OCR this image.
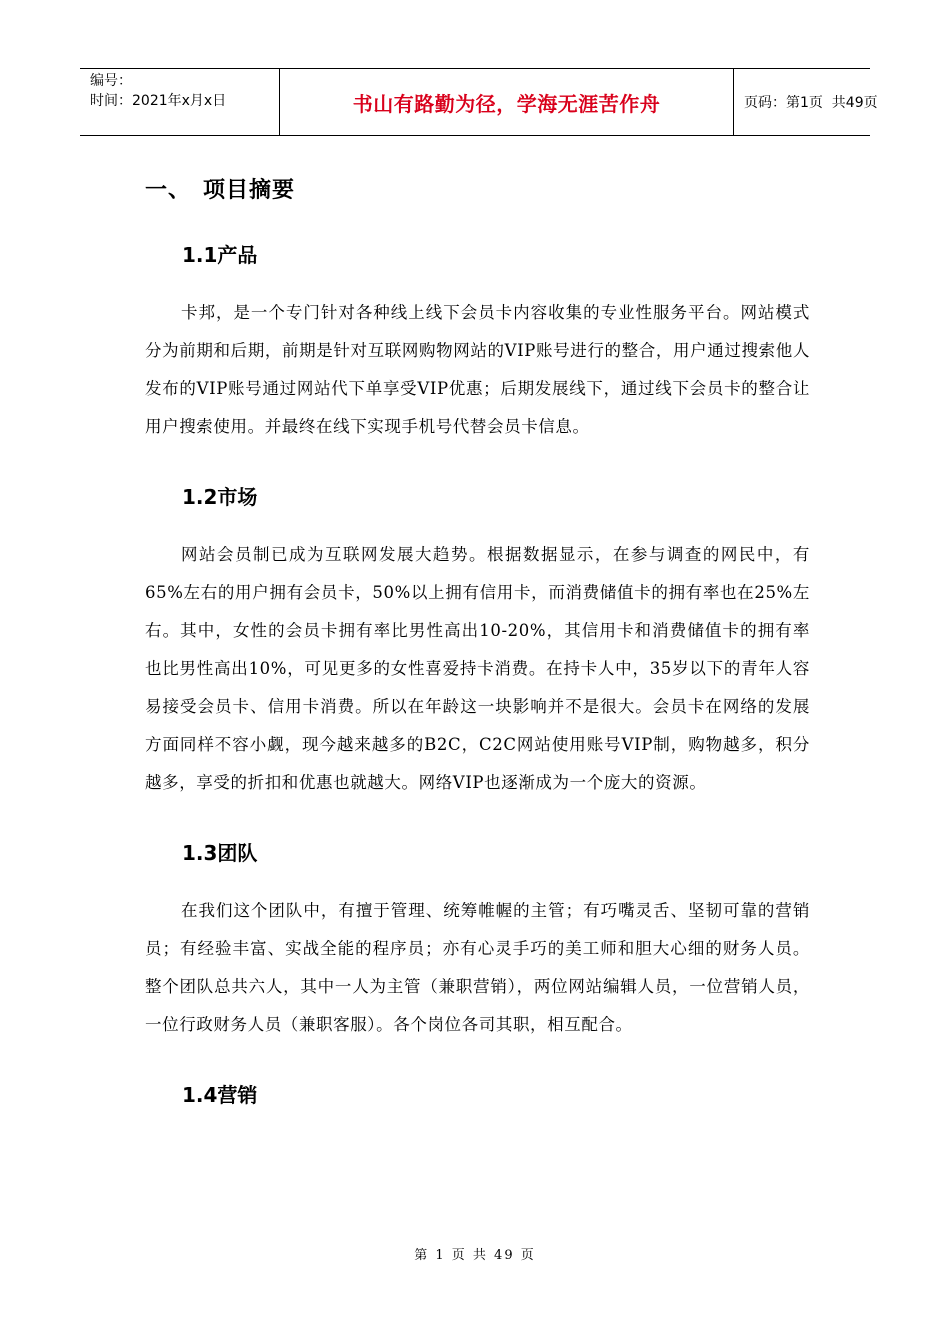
编号：
时间：2021年x月x日	书山有路勤为径，学海无涯苦作舟	页码：第1页  共49页
一、 项目摘要
1.1产品

卡邦，是一个专门针对各种线上线下会员卡内容收集的专业性服务平台。网站模式分为前期和后期，前期是针对互联网购物网站的VIP账号进行的整合，用户通过搜索他人发布的VIP账号通过网站代下单享受VIP优惠；后期发展线下，通过线下会员卡的整合让用户搜索使用。并最终在线下实现手机号代替会员卡信息。

1.2市场

网站会员制已成为互联网发展大趋势。根据数据显示，在参与调查的网民中，有65%左右的用户拥有会员卡，50%以上拥有信用卡，而消费储值卡的拥有率也在25%左右。其中，女性的会员卡拥有率比男性高出10-20%，其信用卡和消费储值卡的拥有率也比男性高出10%，可见更多的女性喜爱持卡消费。在持卡人中，35岁以下的青年人容易接受会员卡、信用卡消费。所以在年龄这一块影响并不是很大。会员卡在网络的发展方面同样不容小觑，现今越来越多的B2C，C2C网站使用账号VIP制，购物越多，积分越多，享受的折扣和优惠也就越大。网络VIP也逐渐成为一个庞大的资源。

1.3团队

在我们这个团队中，有擅于管理、统筹帷幄的主管；有巧嘴灵舌、坚韧可靠的营销员；有经验丰富、实战全能的程序员；亦有心灵手巧的美工师和胆大心细的财务人员。整个团队总共六人，其中一人为主管（兼职营销），两位网站编辑人员，一位营销人员，一位行政财务人员（兼职客服）。各个岗位各司其职，相互配合。

1.4营销
第 1 页 共 49 页
